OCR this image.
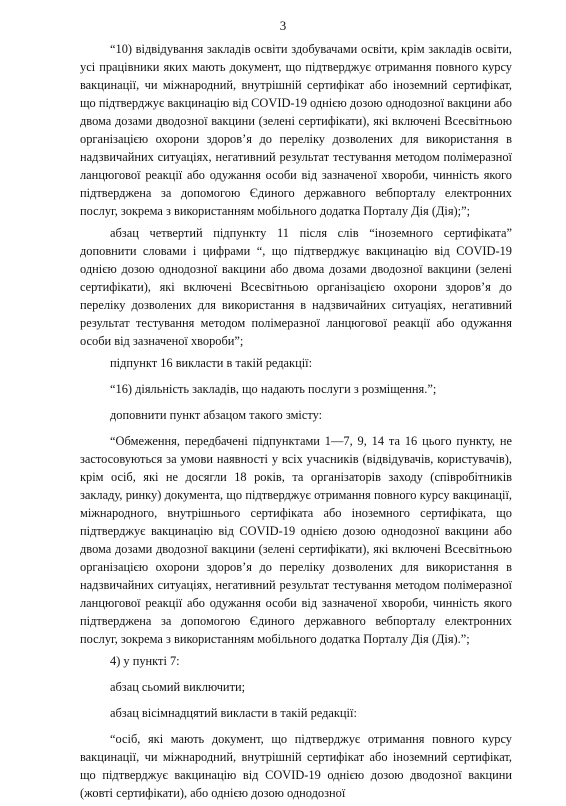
3

“10) відвідування закладів освіти здобувачами освіти, крім закладів освіти, усі працівники яких мають документ, що підтверджує отримання повного курсу вакцинації, чи міжнародний, внутрішній сертифікат або іноземний сертифікат, що підтверджує вакцинацію від COVID-19 однією дозою однодозної вакцини або двома дозами дводозної вакцини (зелені сертифікати), які включені Всесвітньою організацією охорони здоров’я до переліку дозволених для використання в надзвичайних ситуаціях, негативний результат тестування методом полімеразної ланцюгової реакції або одужання особи від зазначеної хвороби, чинність якого підтверджена за допомогою Єдиного державного вебпорталу електронних послуг, зокрема з використанням мобільного додатка Порталу Дія (Дія);”;

абзац четвертий підпункту 11 після слів “іноземного сертифіката” доповнити словами і цифрами “, що підтверджує вакцинацію від COVID-19 однією дозою однодозної вакцини або двома дозами дводозної вакцини (зелені сертифікати), які включені Всесвітньою організацією охорони здоров’я до переліку дозволених для використання в надзвичайних ситуаціях, негативний результат тестування методом полімеразної ланцюгової реакції або одужання особи від зазначеної хвороби”;

підпункт 16 викласти в такій редакції:

“16) діяльність закладів, що надають послуги з розміщення.”;

доповнити пункт абзацом такого змісту:

“Обмеження, передбачені підпунктами 1—7, 9, 14 та 16 цього пункту, не застосовуються за умови наявності у всіх учасників (відвідувачів, користувачів), крім осіб, які не досягли 18 років, та організаторів заходу (співробітників закладу, ринку) документа, що підтверджує отримання повного курсу вакцинації, міжнародного, внутрішнього сертифіката або іноземного сертифіката, що підтверджує вакцинацію від COVID-19 однією дозою однодозної вакцини або двома дозами дводозної вакцини (зелені сертифікати), які включені Всесвітньою організацією охорони здоров’я до переліку дозволених для використання в надзвичайних ситуаціях, негативний результат тестування методом полімеразної ланцюгової реакції або одужання особи від зазначеної хвороби, чинність якого підтверджена за допомогою Єдиного державного вебпорталу електронних послуг, зокрема з використанням мобільного додатка Порталу Дія (Дія).”;

4) у пункті 7:

абзац сьомий виключити;

абзац вісімнадцятий викласти в такій редакції:

“осіб, які мають документ, що підтверджує отримання повного курсу вакцинації, чи міжнародний, внутрішній сертифікат або іноземний сертифікат, що підтверджує вакцинацію від COVID-19 однією дозою дводозної вакцини (жовті сертифікати), або однією дозою однодозної
